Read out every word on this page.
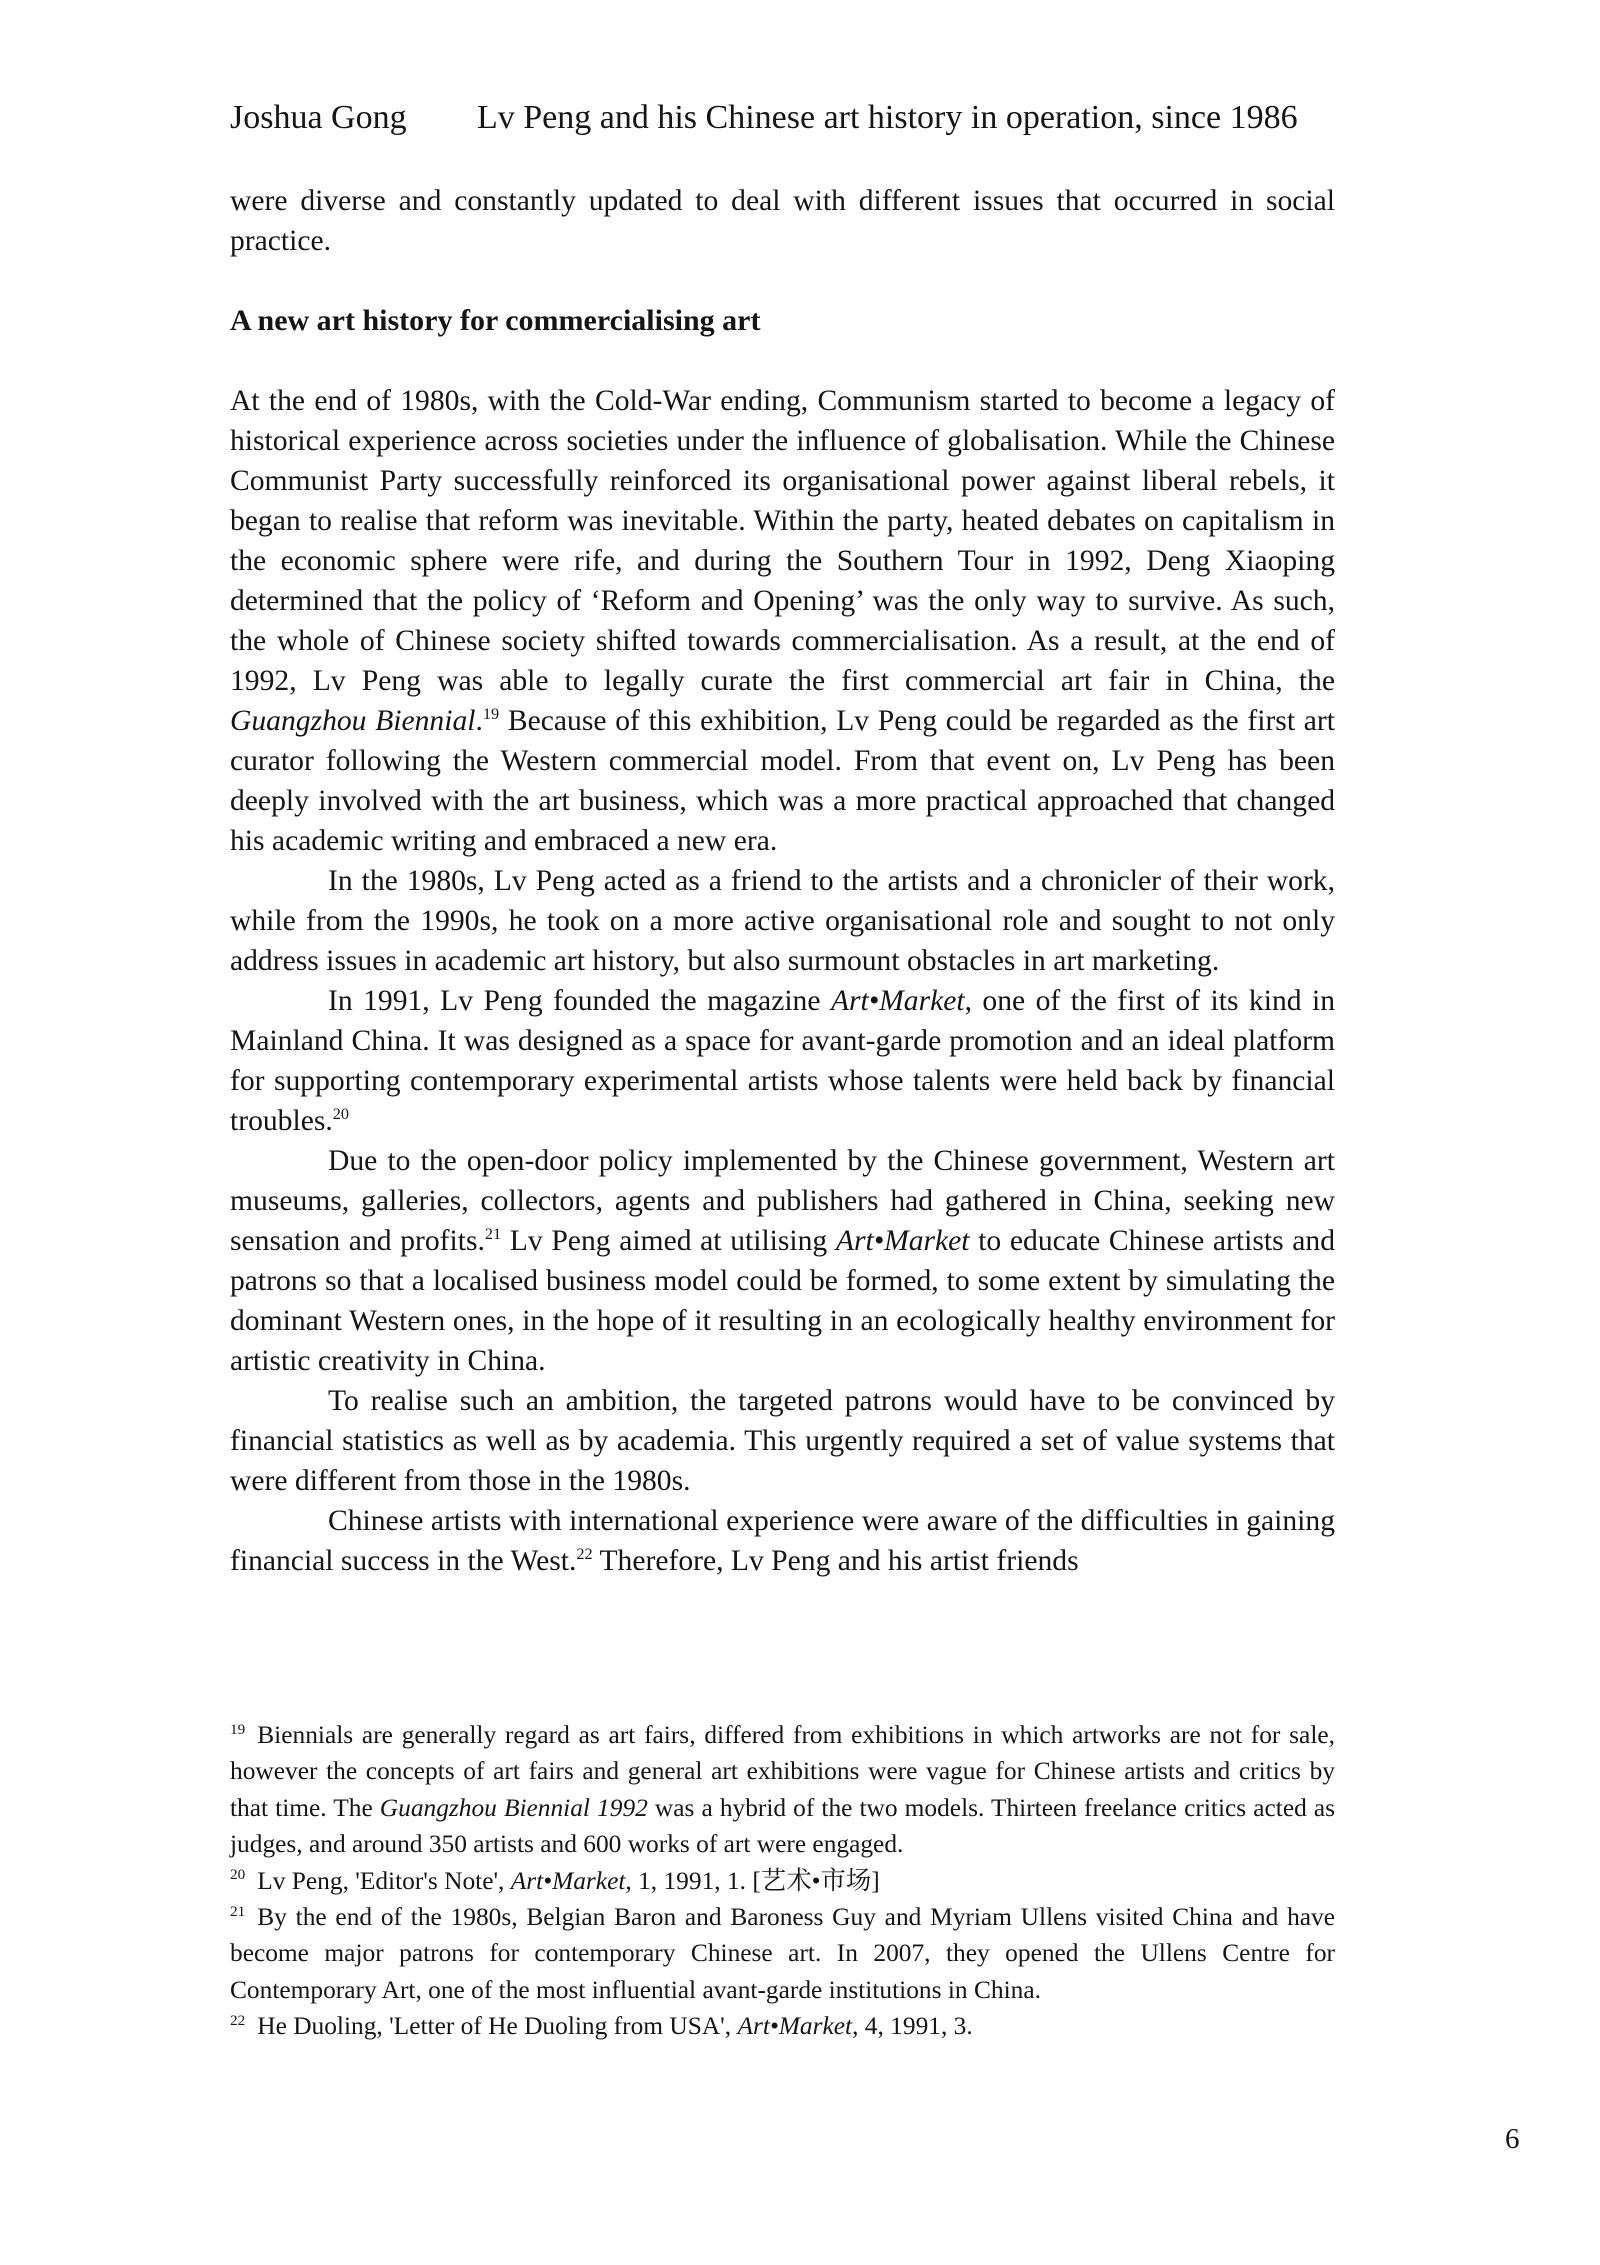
Joshua Gong Lv Peng and his Chinese art history in operation, since 1986

were diverse and constantly updated to deal with different issues that occurred in social practice.

A new art history for commercialising art

At the end of 1980s, with the Cold-War ending, Communism started to become a legacy of historical experience across societies under the influence of globalisation. While the Chinese Communist Party successfully reinforced its organisational power against liberal rebels, it began to realise that reform was inevitable. Within the party, heated debates on capitalism in the economic sphere were rife, and during the Southern Tour in 1992, Deng Xiaoping determined that the policy of ‘Reform and Opening’ was the only way to survive. As such, the whole of Chinese society shifted towards commercialisation. As a result, at the end of 1992, Lv Peng was able to legally curate the first commercial art fair in China, the Guangzhou Biennial.$^{19}$ Because of this exhibition, Lv Peng could be regarded as the first art curator following the Western commercial model. From that event on, Lv Peng has been deeply involved with the art business, which was a more practical approached that changed his academic writing and embraced a new era.

In the 1980s, Lv Peng acted as a friend to the artists and a chronicler of their work, while from the 1990s, he took on a more active organisational role and sought to not only address issues in academic art history, but also surmount obstacles in art marketing.

In 1991, Lv Peng founded the magazine Art•Market, one of the first of its kind in Mainland China. It was designed as a space for avant-garde promotion and an ideal platform for supporting contemporary experimental artists whose talents were held back by financial troubles.$^{20}$

Due to the open-door policy implemented by the Chinese government, Western art museums, galleries, collectors, agents and publishers had gathered in China, seeking new sensation and profits.$^{21}$ Lv Peng aimed at utilising Art•Market to educate Chinese artists and patrons so that a localised business model could be formed, to some extent by simulating the dominant Western ones, in the hope of it resulting in an ecologically healthy environment for artistic creativity in China.

To realise such an ambition, the targeted patrons would have to be convinced by financial statistics as well as by academia. This urgently required a set of value systems that were different from those in the 1980s.

Chinese artists with international experience were aware of the difficulties in gaining financial success in the West.$^{22}$ Therefore, Lv Peng and his artist friends

$^{19}$ Biennials are generally regard as art fairs, differed from exhibitions in which artworks are not for sale, however the concepts of art fairs and general art exhibitions were vague for Chinese artists and critics by that time. The Guangzhou Biennial 1992 was a hybrid of the two models. Thirteen freelance critics acted as judges, and around 350 artists and 600 works of art were engaged.

$^{20}$ Lv Peng, 'Editor's Note', Art•Market, 1, 1991, 1. [艺术•市场]

$^{21}$ By the end of the 1980s, Belgian Baron and Baroness Guy and Myriam Ullens visited China and have become major patrons for contemporary Chinese art. In 2007, they opened the Ullens Centre for Contemporary Art, one of the most influential avant-garde institutions in China.

$^{22}$ He Duoling, 'Letter of He Duoling from USA', Art•Market, 4, 1991, 3.

6
